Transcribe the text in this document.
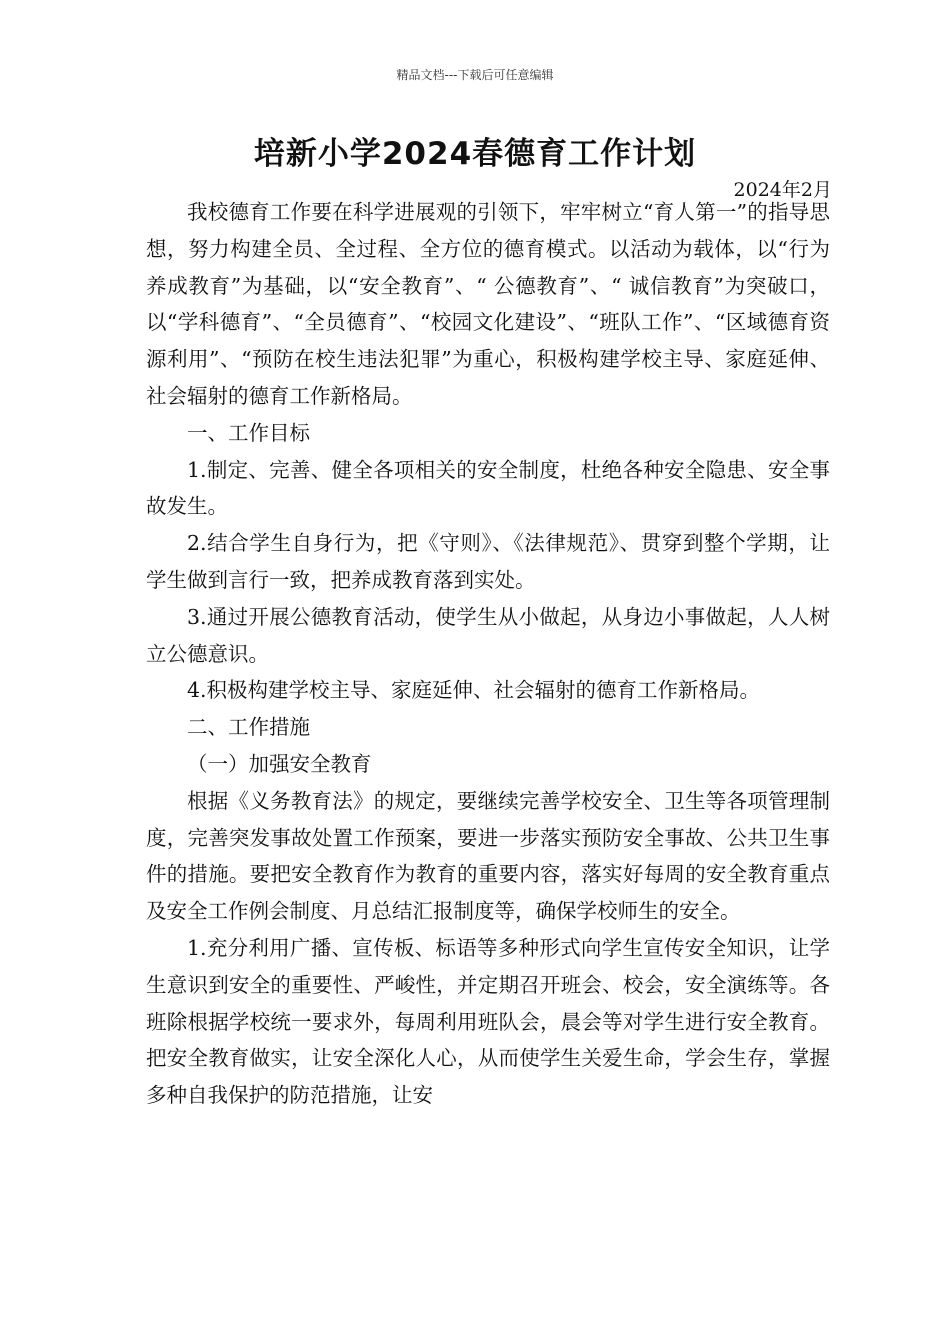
精品文档---下载后可任意编辑
培新小学2024春德育工作计划
2024年2月

我校德育工作要在科学进展观的引领下，牢牢树立“育人第一”的指导思想，努力构建全员、全过程、全方位的德育模式。以活动为载体，以“行为养成教育”为基础，以“安全教育”、“ 公德教育”、“ 诚信教育”为突破口，以“学科德育”、“全员德育”、“校园文化建设”、“班队工作”、“区域德育资源利用”、“预防在校生违法犯罪”为重心，积极构建学校主导、家庭延伸、社会辐射的德育工作新格局。

一、工作目标

1.制定、完善、健全各项相关的安全制度，杜绝各种安全隐患、安全事故发生。

2.结合学生自身行为，把《守则》、《法律规范》、贯穿到整个学期，让学生做到言行一致，把养成教育落到实处。

3.通过开展公德教育活动，使学生从小做起，从身边小事做起，人人树立公德意识。

4.积极构建学校主导、家庭延伸、社会辐射的德育工作新格局。

二、工作措施

（一）加强安全教育

根据《义务教育法》的规定，要继续完善学校安全、卫生等各项管理制度，完善突发事故处置工作预案，要进一步落实预防安全事故、公共卫生事件的措施。要把安全教育作为教育的重要内容，落实好每周的安全教育重点及安全工作例会制度、月总结汇报制度等，确保学校师生的安全。

1.充分利用广播、宣传板、标语等多种形式向学生宣传安全知识，让学生意识到安全的重要性、严峻性，并定期召开班会、校会，安全演练等。各班除根据学校统一要求外，每周利用班队会，晨会等对学生进行安全教育。把安全教育做实，让安全深化人心，从而使学生关爱生命，学会生存，掌握多种自我保护的防范措施，让安
